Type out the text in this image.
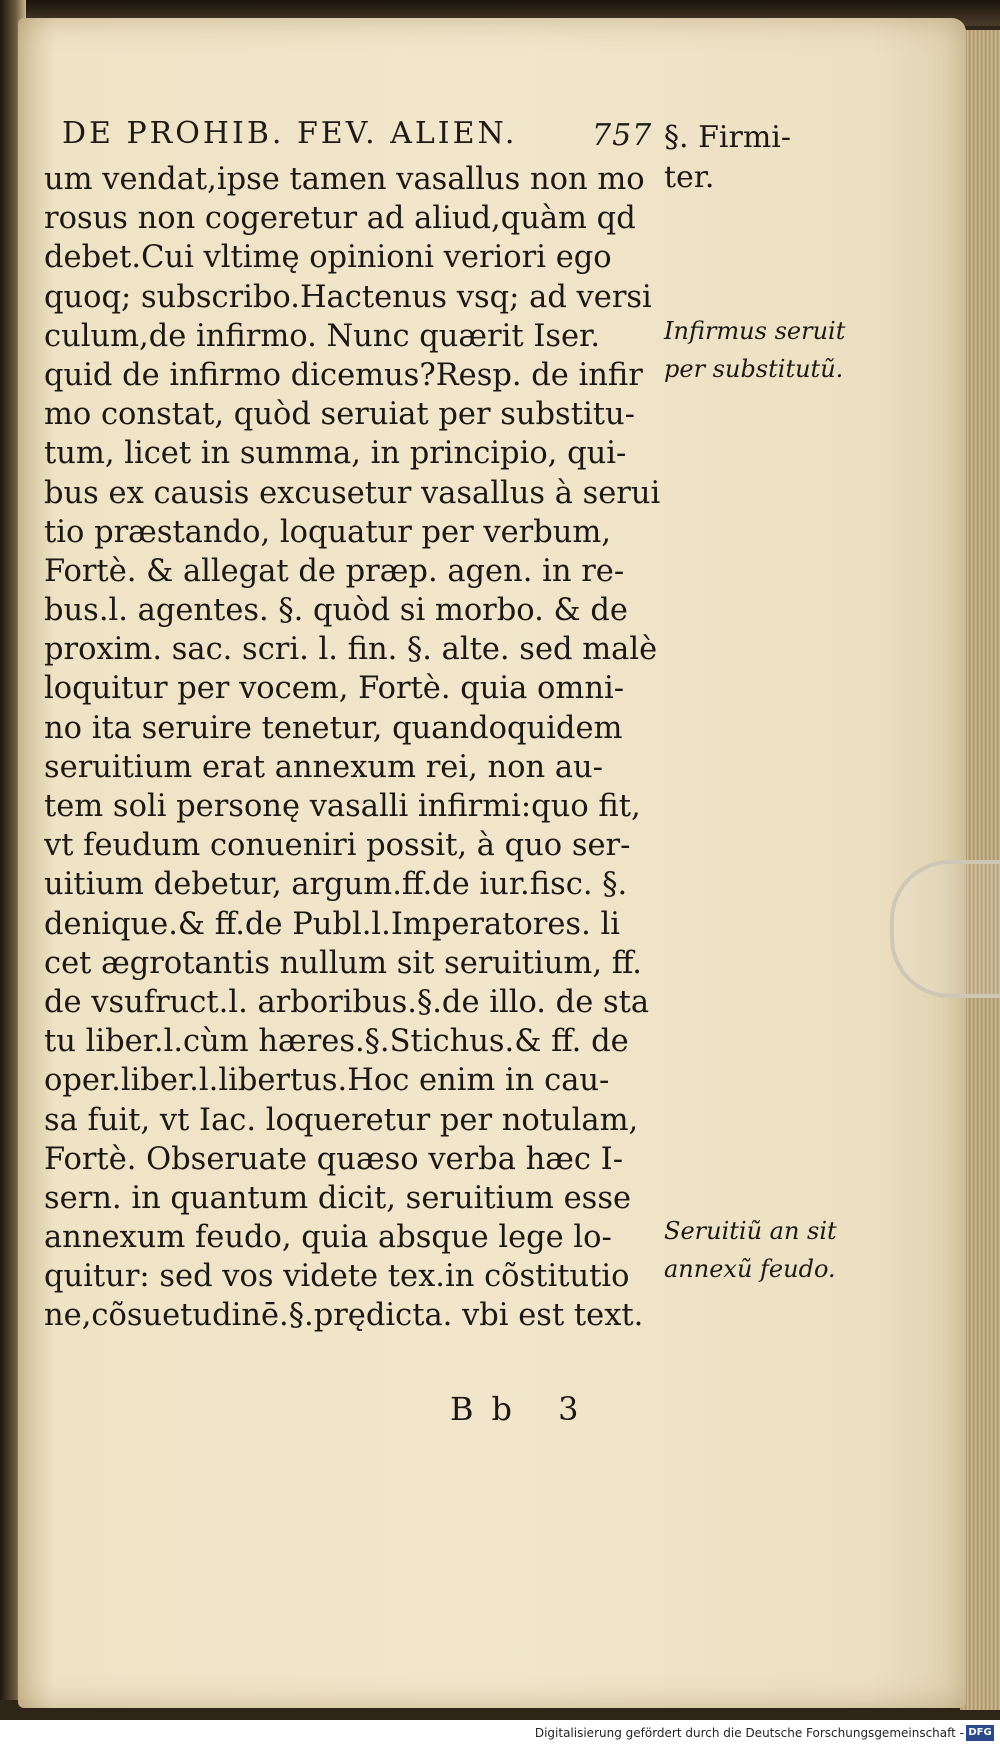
DE PROHIB. FEV. ALIEN. 757 §. Firmi-
ter.
um vendat,ipse tamen vasallus non mo
rosus non cogeretur ad aliud,quàm qd
debet.Cui vltimę opinioni veriori ego
quoq; subscribo.Hactenus vsq; ad versi
culum,de infirmo. Nunc quærit Iser.
quid de infirmo dicemus?Resp. de infir
mo constat, quòd seruiat per substitu-
tum, licet in summa, in principio, qui-
bus ex causis excusetur vasallus à serui
tio præstando, loquatur per verbum,
Fortè. & allegat de præp. agen. in re-
bus.l. agentes. §. quòd si morbo. & de
proxim. sac. scri. l. fin. §. alte. sed malè
loquitur per vocem, Fortè. quia omni-
no ita seruire tenetur, quandoquidem
seruitium erat annexum rei, non au-
tem soli personę vasalli infirmi:quo fit,
vt feudum conueniri possit, à quo ser-
uitium debetur, argum.ff.de iur.fisc. §.
denique.& ff.de Publ.l.Imperatores. li
cet ægrotantis nullum sit seruitium, ff.
de vsufruct.l. arboribus.§.de illo. de sta
tu liber.l.cùm hæres.§.Stichus.& ff. de
oper.liber.l.libertus.Hoc enim in cau-
sa fuit, vt Iac. loqueretur per notulam,
Fortè. Obseruate quæso verba hæc I-
sern. in quantum dicit, seruitium esse
annexum feudo, quia absque lege lo-
quitur: sed vos videte tex.in cõstitutio
ne,cõsuetudinē.§.prędicta. vbi est text.
Infirmus seruit
per substitutũ.
Seruitiũ an sit
annexũ feudo.
Bb 3
Digitalisierung gefördert durch die Deutsche Forschungsgemeinschaft - DFG
